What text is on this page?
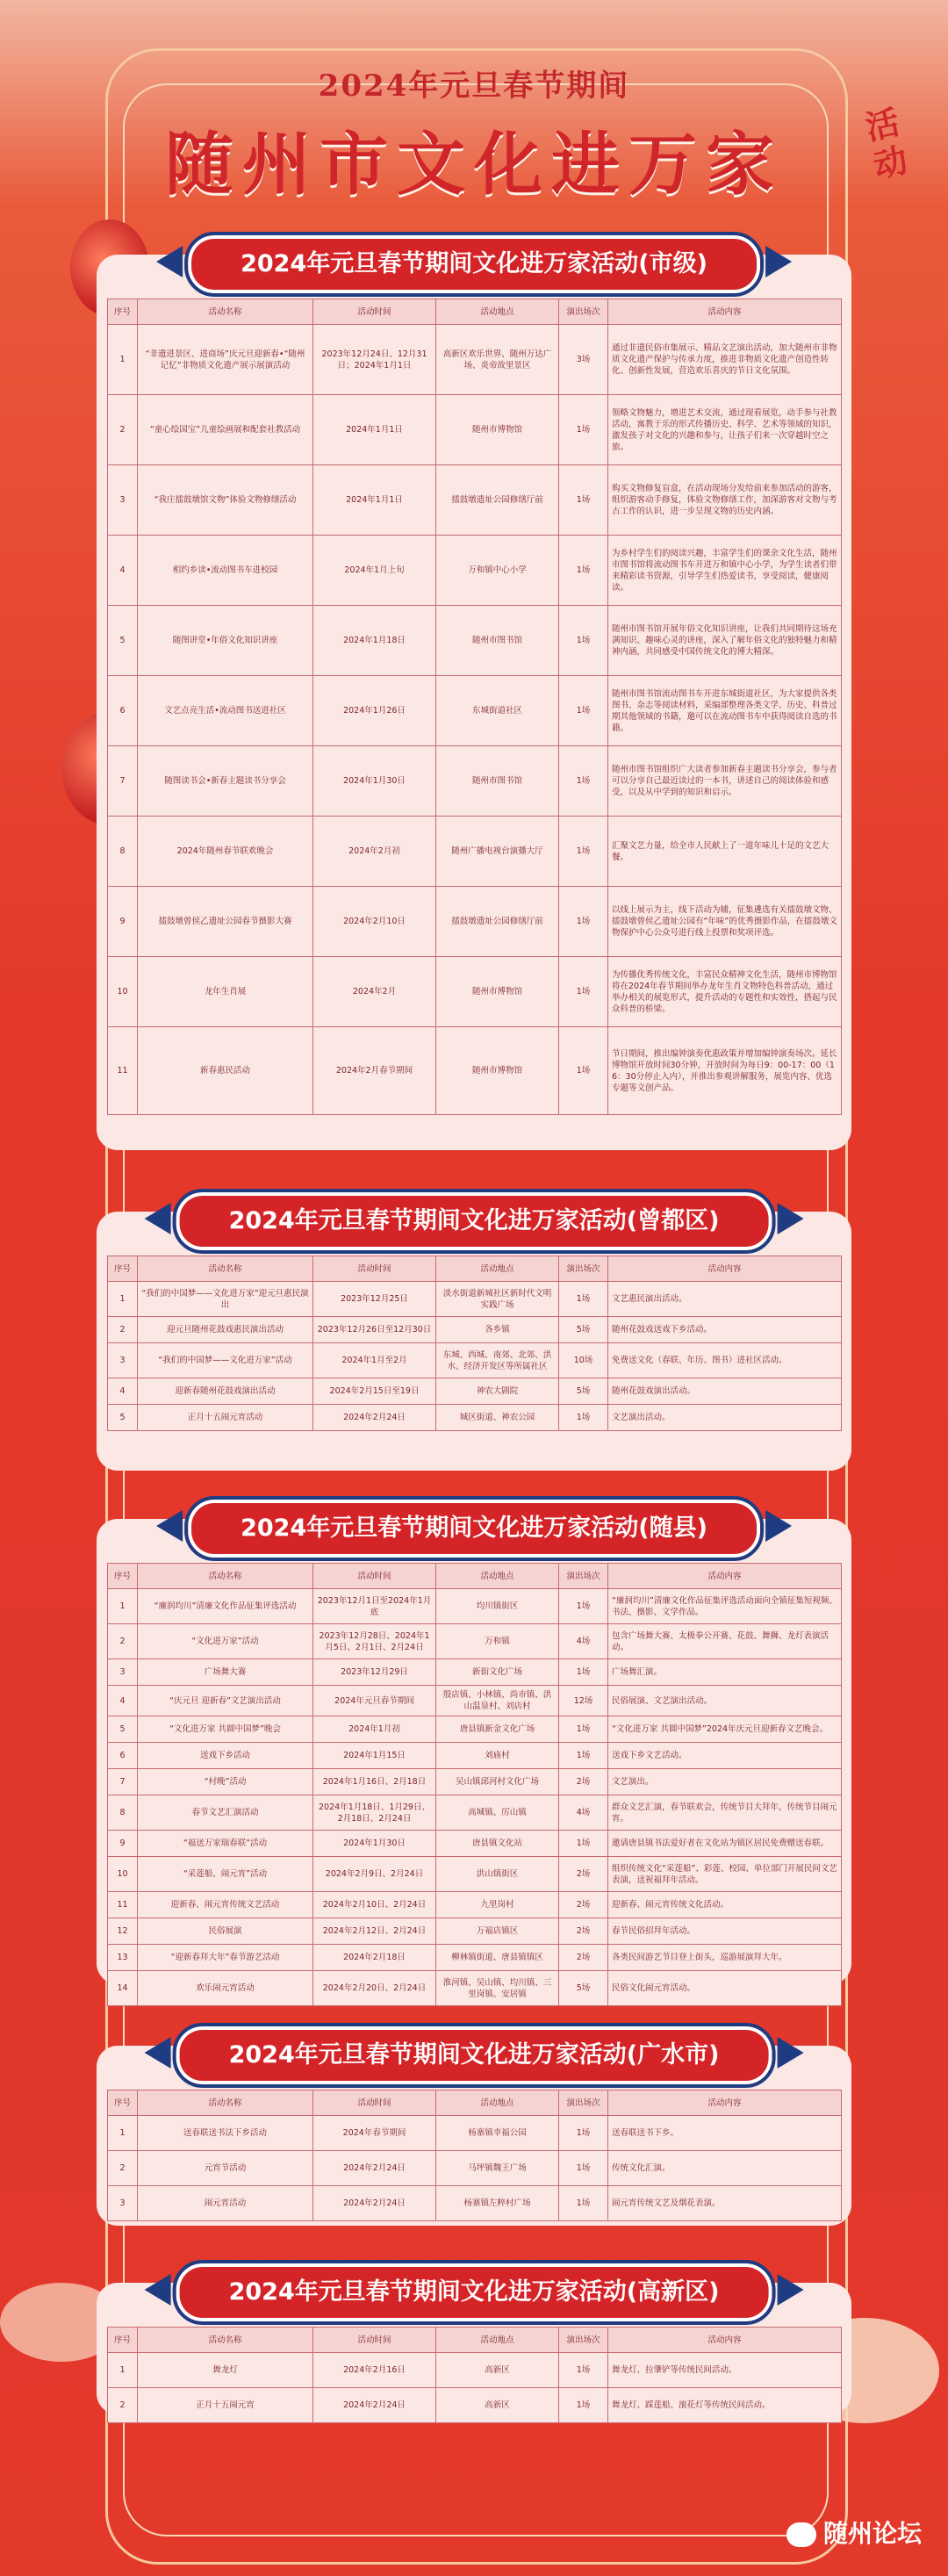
2024年元旦春节期间
随州市文化进万家
活动
2024年元旦春节期间文化进万家活动(市级)
序号	活动名称	活动时间	活动地点	演出场次	活动内容
1	“非遗进景区、进商场”庆元旦迎新春•“随州记忆”非物质文化遗产展示展演活动	2023年12月24日、12月31日；2024年1月1日	高新区欢乐世界、随州万达广场、炎帝故里景区	3场	通过非遗民俗市集展示、精品文艺演出活动，加大随州市非物质文化遗产保护与传承力度，推进非物质文化遗产创造性转化、创新性发展，营造欢乐喜庆的节日文化氛围。
2	“童心绘国宝”儿童绘画展和配套社教活动	2024年1月1日	随州市博物馆	1场	领略文物魅力，增进艺术交流，通过现看展览，动手参与社教活动，寓教于乐的形式传播历史、科学、艺术等领域的知识，激发孩子对文化的兴趣和参与，让孩子们来一次穿越时空之旅。
3	“我庄擂鼓墩馆文物”体验文物修缮活动	2024年1月1日	擂鼓墩遗址公园修缮厅前	1场	购买文物修复盲盒，在活动现场分发给前来参加活动的游客，组织游客动手修复，体验文物修缮工作，加深游客对文物与考古工作的认识，进一步呈现文物的历史内涵。
4	相约乡读•流动图书车进校园	2024年1月上旬	万和镇中心小学	1场	为乡村学生们的阅读兴趣，丰富学生们的课余文化生活，随州市图书馆将流动图书车开进万和镇中心小学，为学生读者们带来精彩读书资源，引导学生们热爱读书，享受阅读，健康阅读。
5	随图讲堂•年俗文化知识讲座	2024年1月18日	随州市图书馆	1场	随州市图书馆开展年俗文化知识讲座，让我们共同期待这场充满知识、趣味心灵的讲座，深入了解年俗文化的独特魅力和精神内涵，共同感受中国传统文化的博大精深。
6	文艺点亮生活•流动图书送进社区	2024年1月26日	东城街道社区	1场	随州市图书馆流动图书车开进东城街道社区，为大家提供各类图书、杂志等阅读材料，采编部整理各类文学、历史、科普过期其他领域的书籍，邀可以在流动图书车中获得阅读自选的书籍。
7	随图读书会•新春主题读书分享会	2024年1月30日	随州市图书馆	1场	随州市图书馆组织广大读者参加新春主题读书分享会，参与者可以分享自己最近读过的一本书，讲述自己的阅读体验和感受，以及从中学到的知识和启示。
8	2024年随州春节联欢晚会	2024年2月初	随州广播电视台演播大厅	1场	汇聚文艺力量，给全市人民献上了一道年味儿十足的文艺大餐。
9	擂鼓墩曾侯乙遗址公园春节摄影大赛	2024年2月10日	擂鼓墩遗址公园修缮厅前	1场	以线上展示为主，线下活动为辅，征集遴选有关擂鼓墩文物、擂鼓墩曾侯乙遗址公园有“年味”的优秀摄影作品，在擂鼓墩文物保护中心公众号进行线上投票和奖项评选。
10	龙年生肖展	2024年2月	随州市博物馆	1场	为传播优秀传统文化，丰富民众精神文化生活，随州市博物馆将在2024年春节期间举办龙年生肖文物特色科普活动，通过举办相关的展览形式，提升活动的专题性和实效性，搭起与民众科普的桥梁。
11	新春惠民活动	2024年2月春节期间	随州市博物馆	1场	节日期间，推出编钟演奏优惠政策并增加编钟演奏场次。延长博物馆开放时间30分钟，开放时间为每日9：00-17：00（16：30分停止入内），并推出参观讲解服务，展览内容、优选专题等文创产品。
2024年元旦春节期间文化进万家活动(曾都区)
序号	活动名称	活动时间	活动地点	演出场次	活动内容
1	“我们的中国梦——文化进万家”迎元旦惠民演出	2023年12月25日	淡水街道新城社区新时代文明实践广场	1场	文艺惠民演出活动。
2	迎元旦随州花鼓戏惠民演出活动	2023年12月26日至12月30日	各乡镇	5场	随州花鼓戏送戏下乡活动。
3	“我们的中国梦——文化进万家”活动	2024年1月至2月	东城、西城、南郊、北郊、洪水、经济开发区等所属社区	10场	免费送文化（春联、年历、图书）进社区活动。
4	迎新春随州花鼓戏演出活动	2024年2月15日至19日	神农大剧院	5场	随州花鼓戏演出活动。
5	正月十五闹元宵活动	2024年2月24日	城区街道、神农公园	1场	文艺演出活动。
2024年元旦春节期间文化进万家活动(随县)
序号	活动名称	活动时间	活动地点	演出场次	活动内容
1	“廉润均川”清廉文化作品征集评选活动	2023年12月1日至2024年1月底	均川镇街区	1场	“廉润均川”清廉文化作品征集评选活动面向全镇征集短视频、书法、摄影、文学作品。
2	“文化进万家”活动	2023年12月28日、2024年1月5日、2月1日、2月24日	万和镇	4场	包含广场舞大赛、太极拳公开赛、花鼓、舞狮、龙灯表演活动。
3	广场舞大赛	2023年12月29日	新街文化广场	1场	广场舞汇演。
4	“庆元旦 迎新春”文艺演出活动	2024年元旦春节期间	殷店镇、小林镇、尚市镇、洪山温泉村、刘店村	12场	民俗展演、文艺演出活动。
5	“文化进万家 共圆中国梦”晚会	2024年1月初	唐县镇新金文化广场	1场	“文化进万家 共圆中国梦”2024年庆元旦迎新春文艺晚会。
6	送戏下乡活动	2024年1月15日	刘庙村	1场	送戏下乡文艺活动。
7	“村晚”活动	2024年1月16日、2月18日	吴山镇邱河村文化广场	2场	文艺演出。
8	春节文艺汇演活动	2024年1月18日、1月29日、2月18日、2月24日	高城镇、厉山镇	4场	群众文艺汇演，春节联欢会，传统节目大拜年，传统节目闹元宵。
9	“福送万家瑞春联”活动	2024年1月30日	唐县镇文化站	1场	邀请唐县镇书法爱好者在文化站为镇区居民免费赠送春联。
10	“采莲船、闹元宵”活动	2024年2月9日、2月24日	洪山镇街区	2场	组织传统文化“采莲船”、彩莲、校园、单位部门开展民间文艺表演，送祝福拜年活动。
11	迎新春、闹元宵传统文艺活动	2024年2月10日、2月24日	九里岗村	2场	迎新春、闹元宵传统文化活动。
12	民俗展演	2024年2月12日、2月24日	万福店镇区	2场	春节民俗招拜年活动。
13	“迎新春拜大年”春节游艺活动	2024年2月18日	柳林镇街道、唐县镇镇区	2场	各类民间游艺节目登上街头，巡游展演拜大年。
14	欢乐闹元宵活动	2024年2月20日、2月24日	淮河镇、吴山镇、均川镇、三里岗镇、安居镇	5场	民俗文化闹元宵活动。
2024年元旦春节期间文化进万家活动(广水市)
序号	活动名称	活动时间	活动地点	演出场次	活动内容
1	送春联送书法下乡活动	2024年春节期间	杨寨镇幸福公园	1场	送春联送书下乡。
2	元宵节活动	2024年2月24日	马坪镇魏王广场	1场	传统文化汇演。
3	闹元宵活动	2024年2月24日	杨寨镇左粹村广场	1场	闹元宵传统文艺及烟花表演。
2024年元旦春节期间文化进万家活动(高新区)
序号	活动名称	活动时间	活动地点	演出场次	活动内容
1	舞龙灯	2024年2月16日	高新区	1场	舞龙灯、拉肇铲等传统民间活动。
2	正月十五闹元宵	2024年2月24日	高新区	1场	舞龙灯、踩莲船、滚花灯等传统民间活动。
随州论坛
